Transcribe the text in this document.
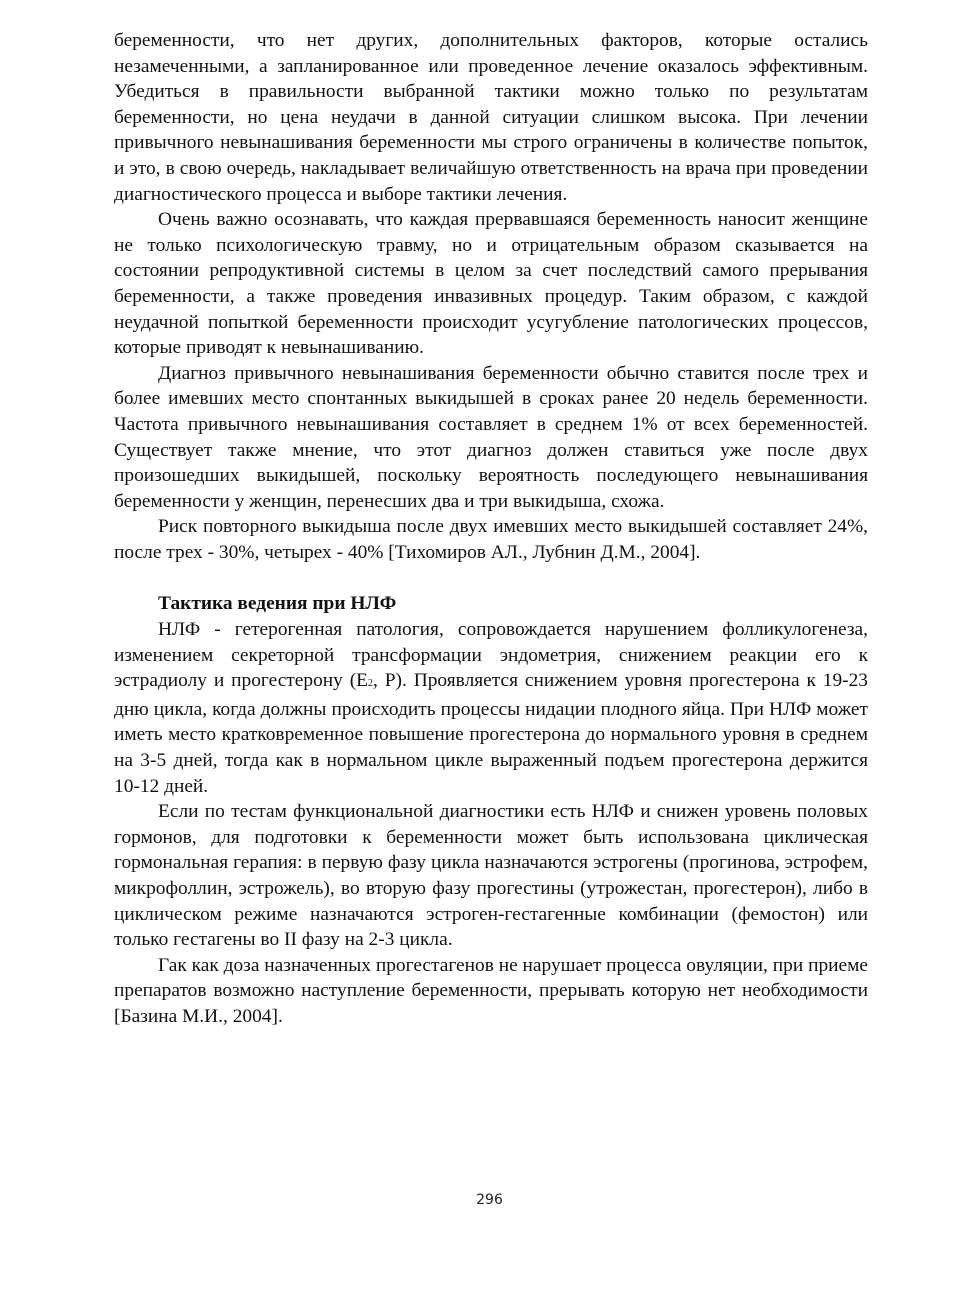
беременности, что нет других, дополнительных факторов, которые остались незамеченными, а запланированное или проведенное лечение оказалось эффективным. Убедиться в правильности выбранной тактики можно только по результатам беременности, но цена неудачи в данной ситуации слишком высока. При лечении привычного невынашивания беременности мы строго ограничены в количестве попыток, и это, в свою очередь, накладывает величайшую ответственность на врача при проведении диагностического процесса и выборе тактики лечения.

Очень важно осознавать, что каждая прервавшаяся беременность наносит женщине не только психологическую травму, но и отрицательным образом сказывается на состоянии репродуктивной системы в целом за счет последствий самого прерывания беременности, а также проведения инвазивных процедур. Таким образом, с каждой неудачной попыткой беременности происходит усугубление патологических процессов, которые приводят к невынашиванию.

Диагноз привычного невынашивания беременности обычно ставится после трех и более имевших место спонтанных выкидышей в сроках ранее 20 недель беременности. Частота привычного невынашивания составляет в среднем 1% от всех беременностей. Существует также мнение, что этот диагноз должен ставиться уже после двух произошедших выкидышей, поскольку вероятность последующего невынашивания беременности у женщин, перенесших два и три выкидыша, схожа.

Риск повторного выкидыша после двух имевших место выкидышей составляет 24%, после трех - 30%, четырех - 40% [Тихомиров АЛ., Лубнин Д.М., 2004].

Тактика ведения при НЛФ

НЛФ - гетерогенная патология, сопровождается нарушением фолликулогенеза, изменением секреторной трансформации эндометрия, снижением реакции его к эстрадиолу и прогестерону (Е2, Р). Проявляется снижением уровня прогестерона к 19-23 дню цикла, когда должны происходить процессы нидации плодного яйца. При НЛФ может иметь место кратковременное повышение прогестерона до нормального уровня в среднем на 3-5 дней, тогда как в нормальном цикле выраженный подъем прогестерона держится 10-12 дней.

Если по тестам функциональной диагностики есть НЛФ и снижен уровень половых гормонов, для подготовки к беременности может быть использована циклическая гормональная герапия: в первую фазу цикла назначаются эстрогены (прогинова, эстрофем, микрофоллин, эстрожель), во вторую фазу прогестины (утрожестан, прогестерон), либо в циклическом режиме назначаются эстроген-гестагенные комбинации (фемостон) или только гестагены во II фазу на 2-3 цикла.

Гак как доза назначенных прогестагенов не нарушает процесса овуляции, при приеме препаратов возможно наступление беременности, прерывать которую нет необходимости [Базина М.И., 2004].

296
